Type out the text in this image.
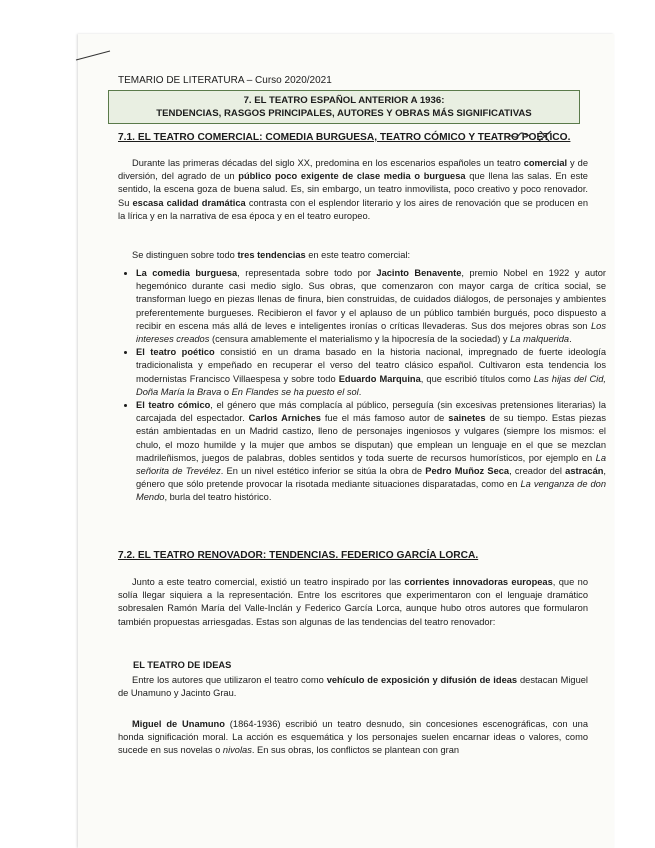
TEMARIO DE LITERATURA – Curso 2020/2021
7. EL TEATRO ESPAÑOL ANTERIOR A 1936:
TENDENCIAS, RASGOS PRINCIPALES, AUTORES Y OBRAS MÁS SIGNIFICATIVAS
7.1. EL TEATRO COMERCIAL: COMEDIA BURGUESA, TEATRO CÓMICO Y TEATRO POÉTICO.

Durante las primeras décadas del siglo XX, predomina en los escenarios españoles un teatro comercial y de diversión, del agrado de un público poco exigente de clase media o burguesa que llena las salas. En este sentido, la escena goza de buena salud. Es, sin embargo, un teatro inmovilista, poco creativo y poco renovador. Su escasa calidad dramática contrasta con el esplendor literario y los aires de renovación que se producen en la lírica y en la narrativa de esa época y en el teatro europeo.

Se distinguen sobre todo tres tendencias en este teatro comercial:

• La comedia burguesa, representada sobre todo por Jacinto Benavente, premio Nobel en 1922 y autor hegemónico durante casi medio siglo. Sus obras, que comenzaron con mayor carga de crítica social, se transforman luego en piezas llenas de finura, bien construidas, de cuidados diálogos, de personajes y ambientes preferentemente burgueses. Recibieron el favor y el aplauso de un público también burgués, poco dispuesto a recibir en escena más allá de leves e inteligentes ironías o críticas llevaderas. Sus dos mejores obras son Los intereses creados (censura amablemente el materialismo y la hipocresía de la sociedad) y La malquerida.
• El teatro poético consistió en un drama basado en la historia nacional, impregnado de fuerte ideología tradicionalista y empeñado en recuperar el verso del teatro clásico español. Cultivaron esta tendencia los modernistas Francisco Villaespesa y sobre todo Eduardo Marquina, que escribió títulos como Las hijas del Cid, Doña María la Brava o En Flandes se ha puesto el sol.
• El teatro cómico, el género que más complacía al público, perseguía (sin excesivas pretensiones literarias) la carcajada del espectador. Carlos Arniches fue el más famoso autor de sainetes de su tiempo. Estas piezas están ambientadas en un Madrid castizo, lleno de personajes ingeniosos y vulgares (siempre los mismos: el chulo, el mozo humilde y la mujer que ambos se disputan) que emplean un lenguaje en el que se mezclan madrileñismos, juegos de palabras, dobles sentidos y toda suerte de recursos humorísticos, por ejemplo en La señorita de Trevélez. En un nivel estético inferior se sitúa la obra de Pedro Muñoz Seca, creador del astracán, género que sólo pretende provocar la risotada mediante situaciones disparatadas, como en La venganza de don Mendo, burla del teatro histórico.
7.2. EL TEATRO RENOVADOR: TENDENCIAS. FEDERICO GARCÍA LORCA.

Junto a este teatro comercial, existió un teatro inspirado por las corrientes innovadoras europeas, que no solía llegar siquiera a la representación. Entre los escritores que experimentaron con el lenguaje dramático sobresalen Ramón María del Valle-Inclán y Federico García Lorca, aunque hubo otros autores que formularon también propuestas arriesgadas. Estas son algunas de las tendencias del teatro renovador:

EL TEATRO DE IDEAS

Entre los autores que utilizaron el teatro como vehículo de exposición y difusión de ideas destacan Miguel de Unamuno y Jacinto Grau.

Miguel de Unamuno (1864-1936) escribió un teatro desnudo, sin concesiones escenográficas, con una honda significación moral. La acción es esquemática y los personajes suelen encarnar ideas o valores, como sucede en sus novelas o nivolas. En sus obras, los conflictos se plantean con gran
